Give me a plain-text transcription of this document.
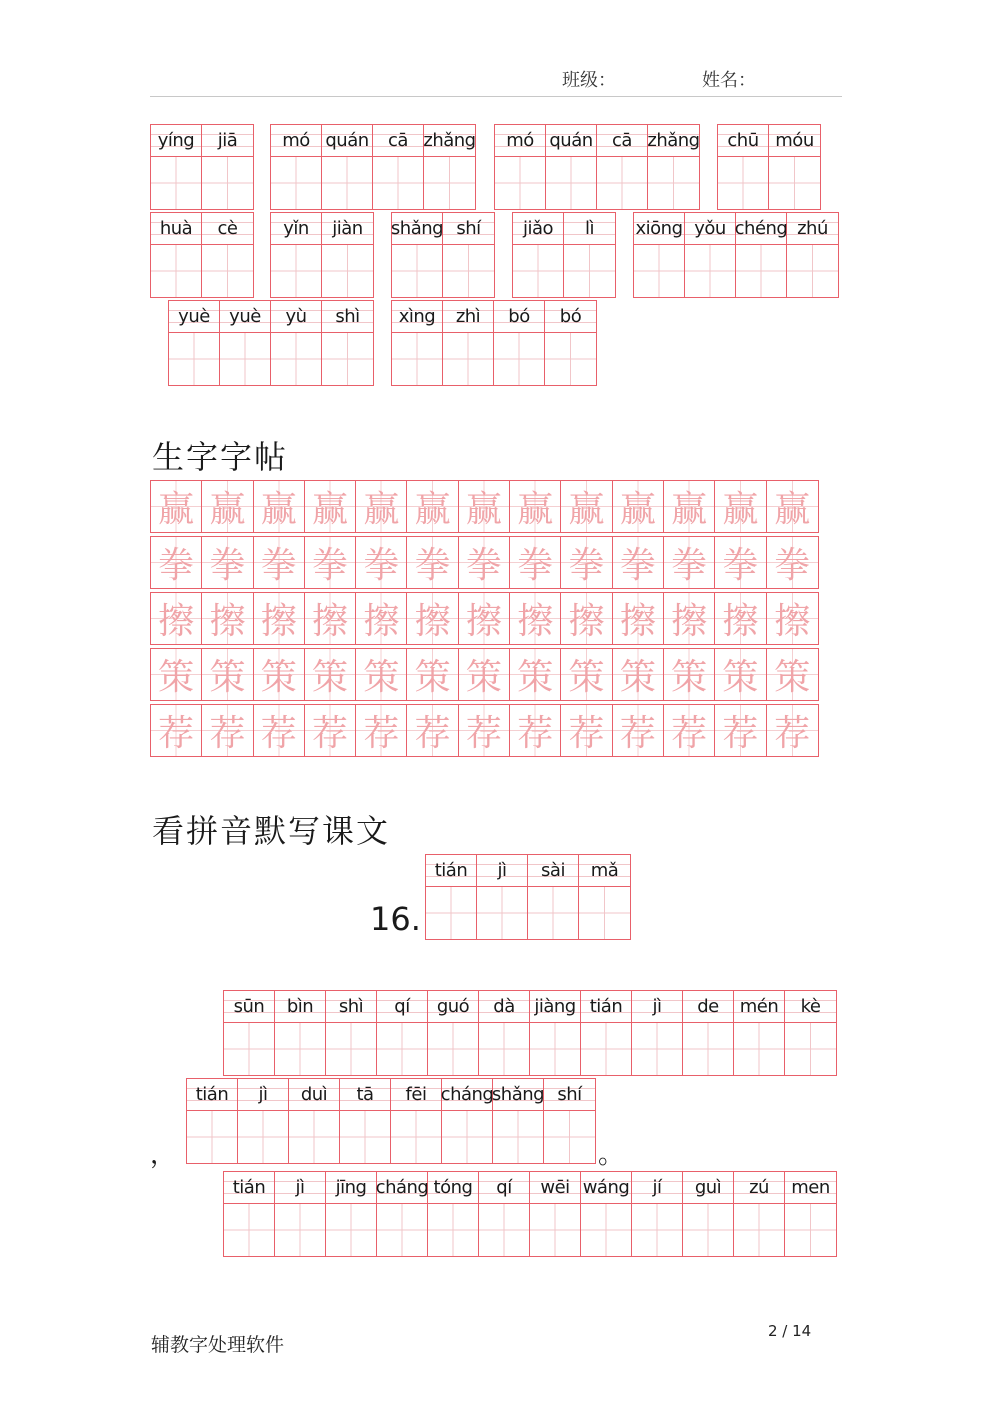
班级：	姓名：
yíng jiā mó quán cā zhǎng mó quán cā zhǎng chū móu
huà cè	yǐn jiàn shǎng shí jiǎo lì xiōng yǒu chéng zhú
yuè yuè yù shì xìng zhì bó bó
生字字帖
赢 赢 赢 赢 赢 赢 赢 赢 赢 赢 赢 赢 赢
拳 拳 拳 拳 拳 拳 拳 拳 拳 拳 拳 拳 拳
擦 擦 擦 擦 擦 擦 擦 擦 擦 擦 擦 擦 擦
策 策 策 策 策 策 策 策 策 策 策 策 策
荐 荐 荐 荐 荐 荐 荐 荐 荐 荐 荐 荐 荐
看拼音默写课文
16.
tián jì sài mǎ
sūn bìn shì qí guó dà jiàng tián jì de mén kè
tián jì duì tā fēi cháng
shǎng shí
，	。
tián jì jīng cháng tóng qí wēi wáng jí guì zú men
辅教字处理软件
2 / 14
